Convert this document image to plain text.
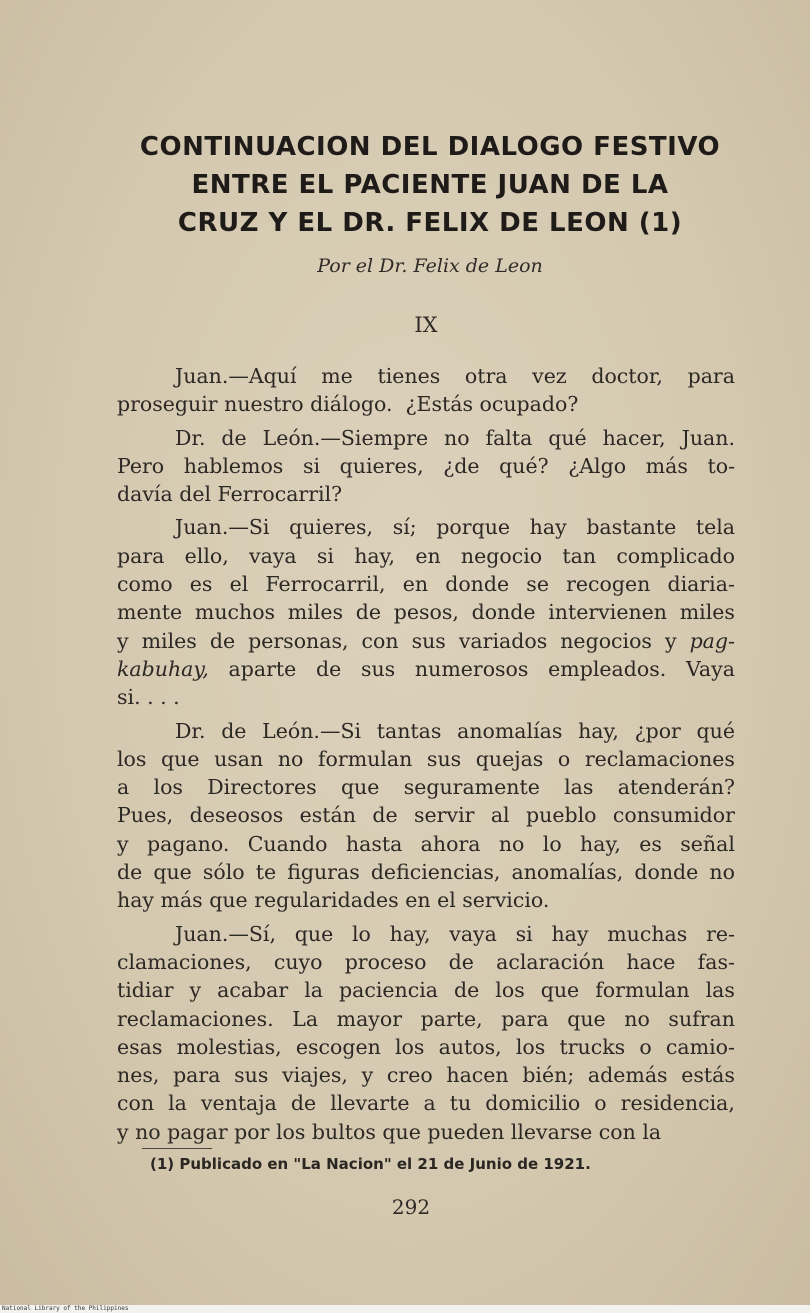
CONTINUACION DEL DIALOGO FESTIVO
ENTRE EL PACIENTE JUAN DE LA
CRUZ Y EL DR. FELIX DE LEON (1)
Por el Dr. Felix de Leon
IX
Juan.—Aquí me tienes otra vez doctor, para
proseguir nuestro diálogo.  ¿Estás ocupado?
Dr. de León.—Siempre no falta qué hacer, Juan.
Pero hablemos si quieres, ¿de qué? ¿Algo más to-
davía del Ferrocarril?
Juan.—Si quieres, sí; porque hay bastante tela
para ello, vaya si hay, en negocio tan complicado
como es el Ferrocarril, en donde se recogen diaria-
mente muchos miles de pesos, donde intervienen miles
y miles de personas, con sus variados negocios y pag-
kabuhay, aparte de sus numerosos empleados. Vaya
si. . . .
Dr. de León.—Si tantas anomalías hay, ¿por qué
los que usan no formulan sus quejas o reclamaciones
a los Directores que seguramente las atenderán?
Pues, deseosos están de servir al pueblo consumidor
y pagano. Cuando hasta ahora no lo hay, es señal
de que sólo te figuras deficiencias, anomalías, donde no
hay más que regularidades en el servicio.
Juan.—Sí, que lo hay, vaya si hay muchas re-
clamaciones, cuyo proceso de aclaración hace fas-
tidiar y acabar la paciencia de los que formulan las
reclamaciones. La mayor parte, para que no sufran
esas molestias, escogen los autos, los trucks o camio-
nes, para sus viajes, y creo hacen bién; además estás
con la ventaja de llevarte a tu domicilio o residencia,
y no pagar por los bultos que pueden llevarse con la
(1) Publicado en "La Nacion" el 21 de Junio de 1921.
292
National Library of the Philippines
